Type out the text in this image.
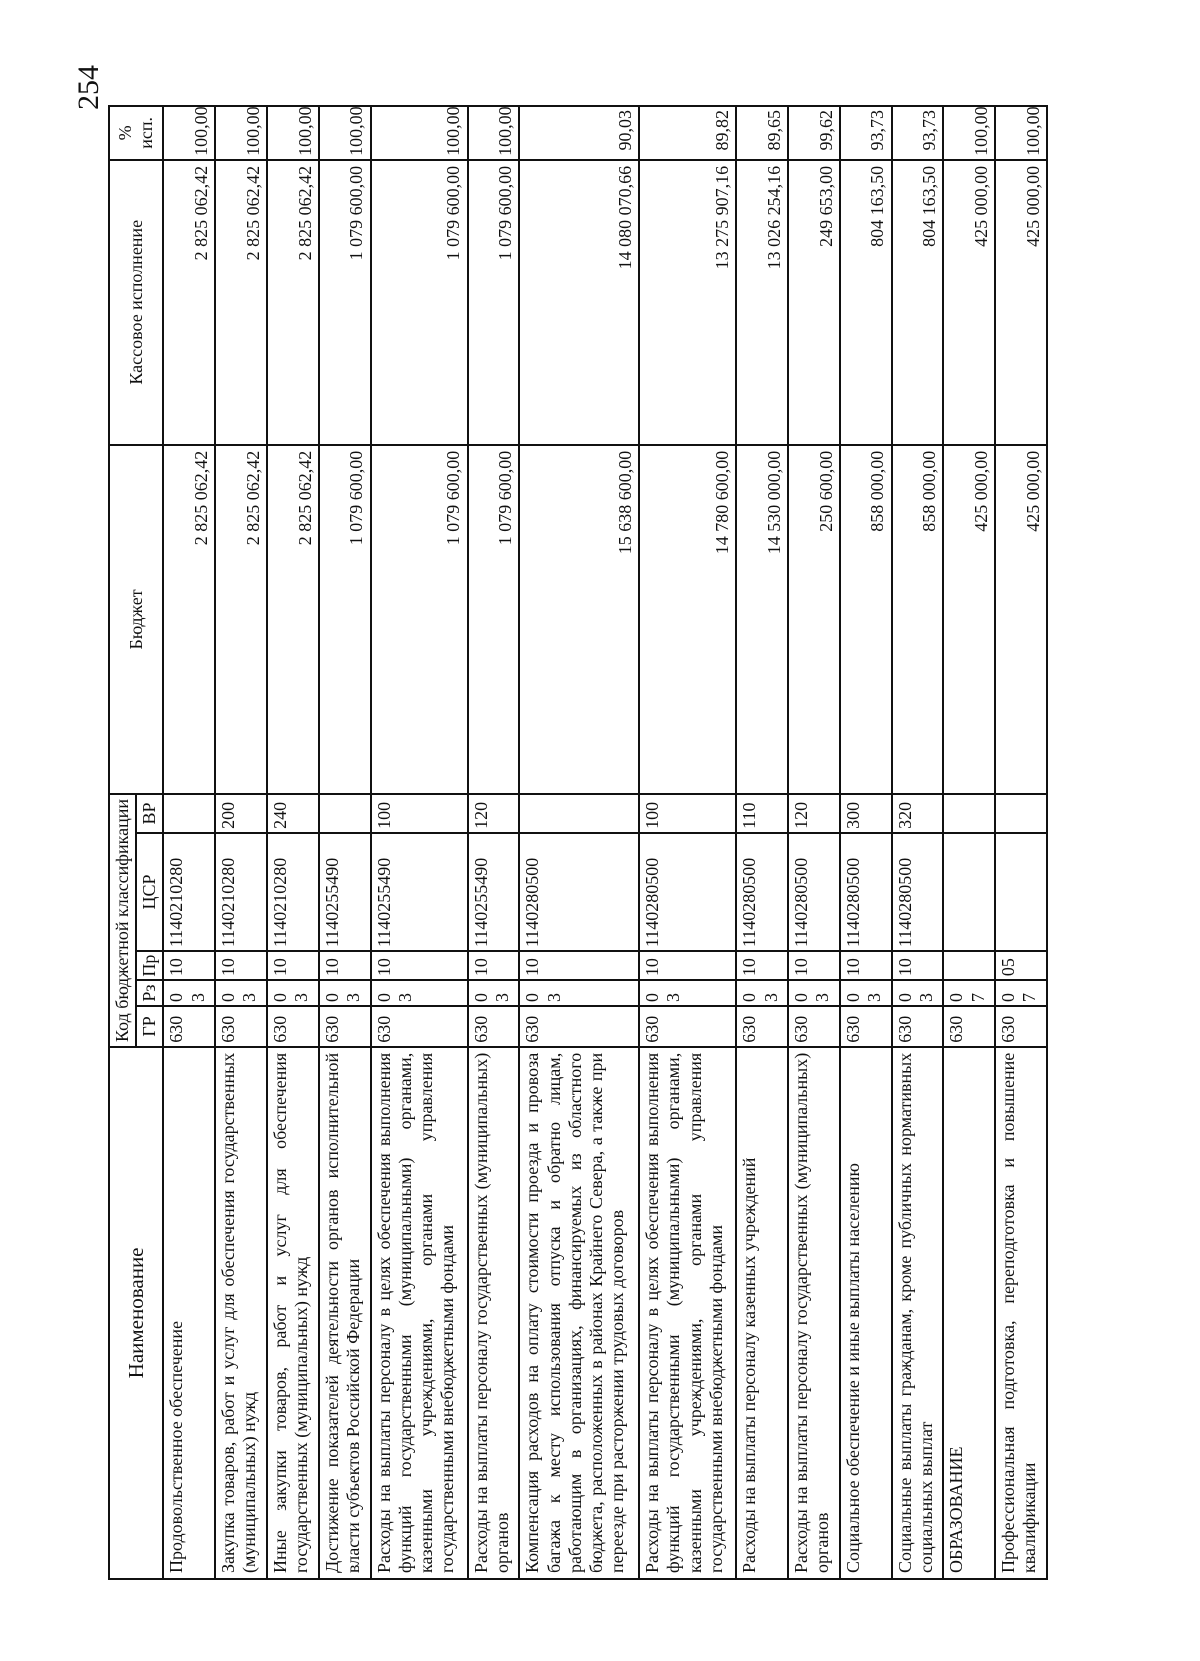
254
Наименование	Код бюджетной классификации					Бюджет	Кассовое исполнение	% исп.
	ГР	Рз	Пр	ЦСР	ВР			
Продовольственное обеспечение	630	03	10	1140210280		2 825 062,42	2 825 062,42	100,00
Закупка товаров, работ и услуг для обеспечения государственных (муниципальных) нужд	630	03	10	1140210280	200	2 825 062,42	2 825 062,42	100,00
Иные закупки товаров, работ и услуг для обеспечения государственных (муниципальных) нужд	630	03	10	1140210280	240	2 825 062,42	2 825 062,42	100,00
Достижение показателей деятельности органов исполнительной власти субъектов Российской Федерации	630	03	10	1140255490		1 079 600,00	1 079 600,00	100,00
Расходы на выплаты персоналу в целях обеспечения выполнения функций государственными (муниципальными) органами, казенными учреждениями, органами управления государственными внебюджетными фондами	630	03	10	1140255490	100	1 079 600,00	1 079 600,00	100,00
Расходы на выплаты персоналу государственных (муниципальных) органов	630	03	10	1140255490	120	1 079 600,00	1 079 600,00	100,00
Компенсация расходов на оплату стоимости проезда и провоза багажа к месту использования отпуска и обратно лицам, работающим в организациях, финансируемых из областного бюджета, расположенных в районах Крайнего Севера, а также при переезде при расторжении трудовых договоров	630	03	10	1140280500		15 638 600,00	14 080 070,66	90,03
Расходы на выплаты персоналу в целях обеспечения выполнения функций государственными (муниципальными) органами, казенными учреждениями, органами управления государственными внебюджетными фондами	630	03	10	1140280500	100	14 780 600,00	13 275 907,16	89,82
Расходы на выплаты персоналу казенных учреждений	630	03	10	1140280500	110	14 530 000,00	13 026 254,16	89,65
Расходы на выплаты персоналу государственных (муниципальных) органов	630	03	10	1140280500	120	250 600,00	249 653,00	99,62
Социальное обеспечение и иные выплаты населению	630	03	10	1140280500	300	858 000,00	804 163,50	93,73
Социальные выплаты гражданам, кроме публичных нормативных социальных выплат	630	03	10	1140280500	320	858 000,00	804 163,50	93,73
ОБРАЗОВАНИЕ	630	07				425 000,00	425 000,00	100,00
Профессиональная подготовка, переподготовка и повышение квалификации	630	07	05			425 000,00	425 000,00	100,00
